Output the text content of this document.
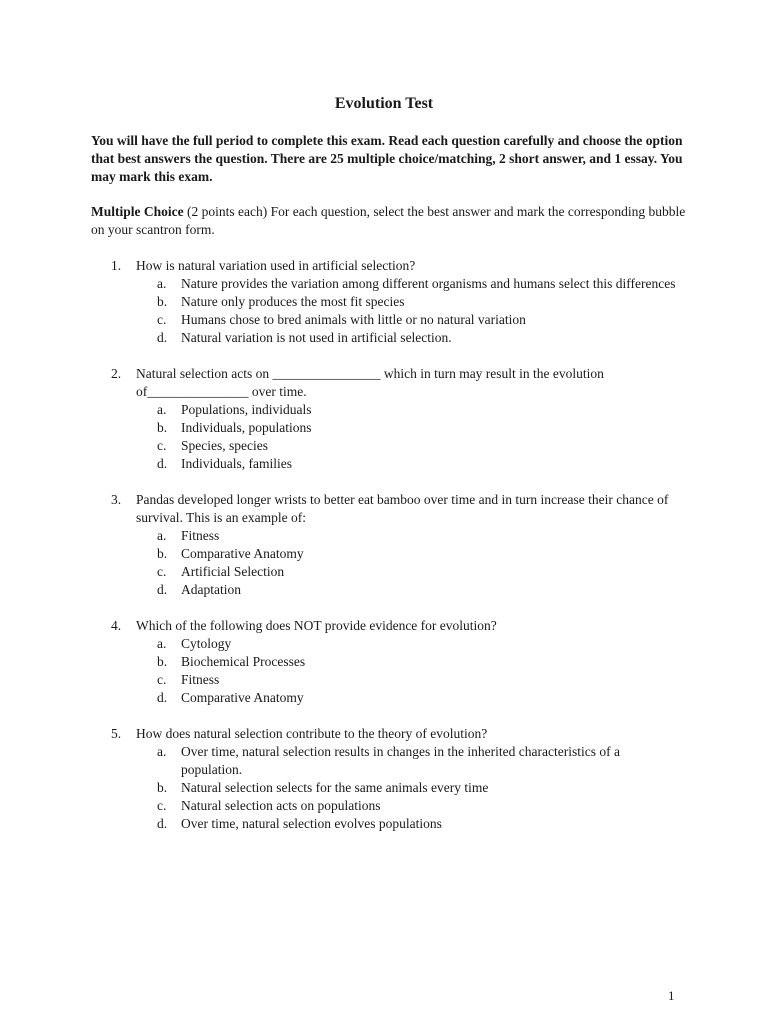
Evolution Test
You will have the full period to complete this exam. Read each question carefully and choose the option that best answers the question. There are 25 multiple choice/matching, 2 short answer, and 1 essay. You may mark this exam.
Multiple Choice (2 points each) For each question, select the best answer and mark the corresponding bubble on your scantron form.
1.	How is natural variation used in artificial selection?
a.	Nature provides the variation among different organisms and humans select this differences
b.	Nature only produces the most fit species
c.	Humans chose to bred animals with little or no natural variation
d.	Natural variation is not used in artificial selection.
2.	Natural selection acts on ________________ which in turn may result in the evolution of_______________ over time.
a.	Populations, individuals
b.	Individuals, populations
c.	Species, species
d.	Individuals, families
3.	Pandas developed longer wrists to better eat bamboo over time and in turn increase their chance of survival. This is an example of:
a.	Fitness
b.	Comparative Anatomy
c.	Artificial Selection
d.	Adaptation
4.	Which of the following does NOT provide evidence for evolution?
a.	Cytology
b.	Biochemical Processes
c.	Fitness
d.	Comparative Anatomy
5.	How does natural selection contribute to the theory of evolution?
a.	Over time, natural selection results in changes in the inherited characteristics of a population.
b.	Natural selection selects for the same animals every time
c.	Natural selection acts on populations
d.	Over time, natural selection evolves populations
1
